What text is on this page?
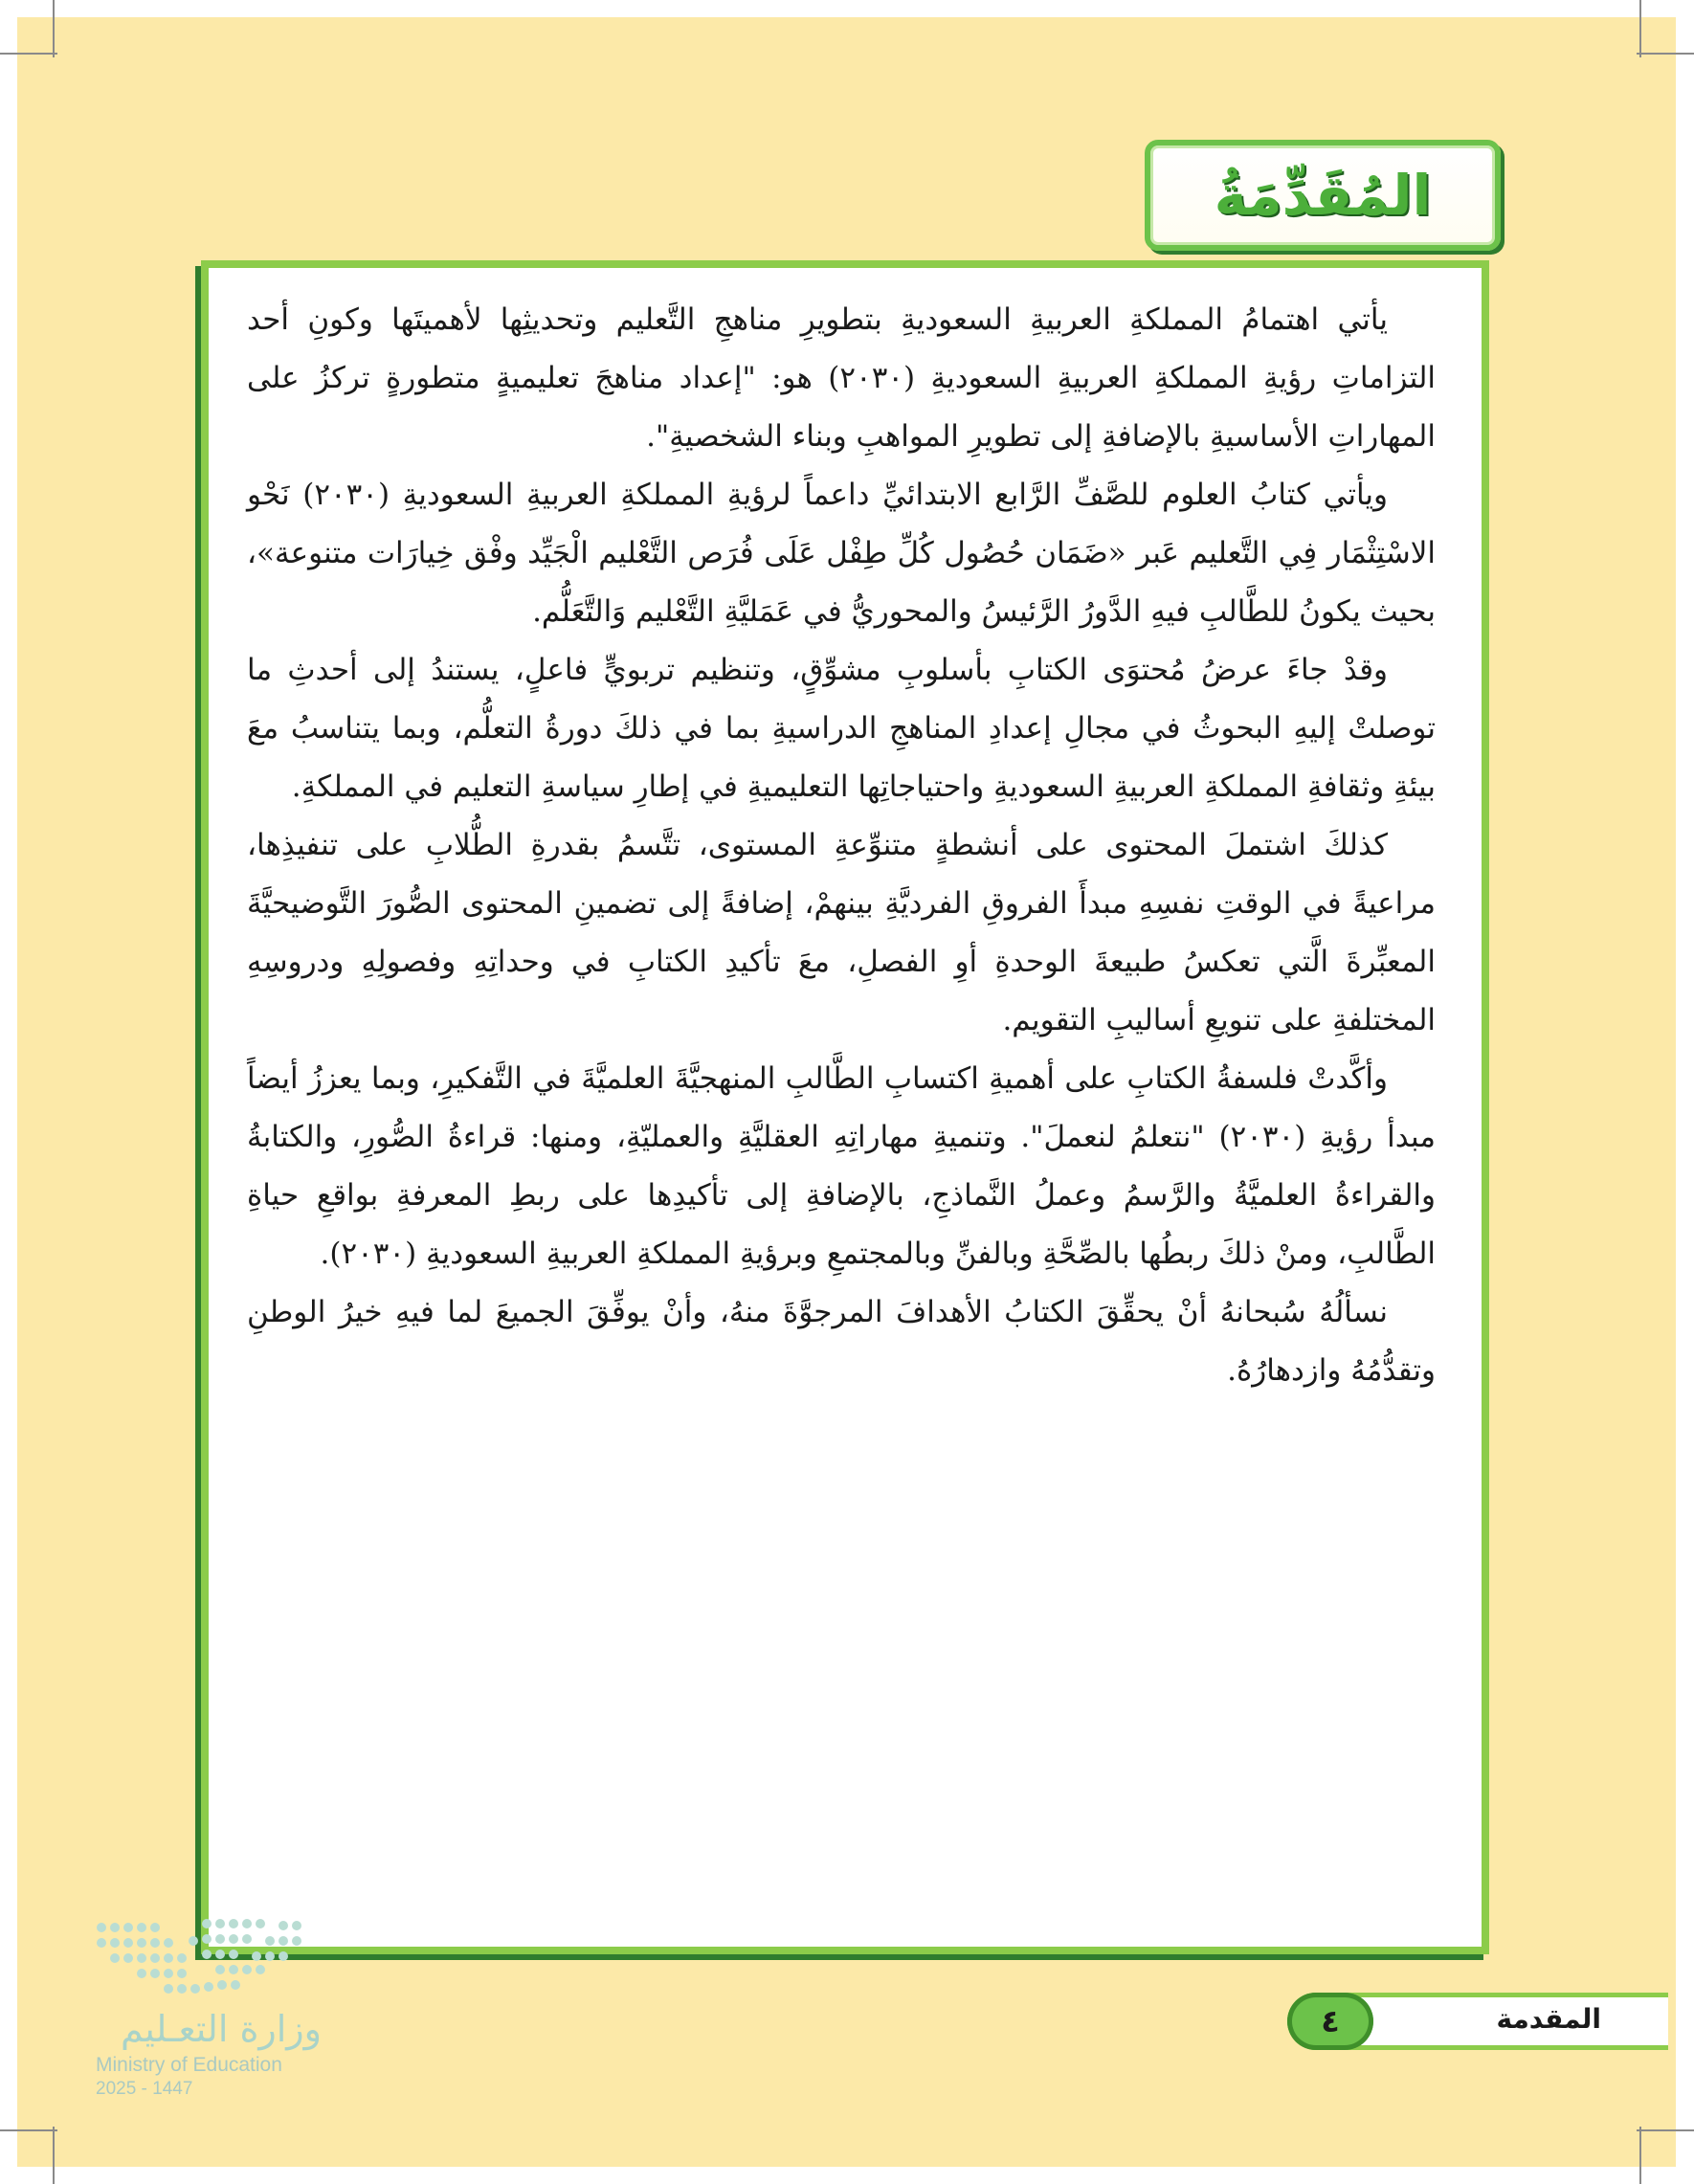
المُقَدِّمَةُ

يأتي اهتمامُ المملكةِ العربيةِ السعوديةِ بتطويرِ مناهجِ التَّعليم وتحديثِها لأهميتَها وكونِ أحد التزاماتِ رؤيةِ المملكةِ العربيةِ السعوديةِ (٢٠٣٠) هو: "إعداد مناهجَ تعليميةٍ متطورةٍ تركزُ على المهاراتِ الأساسيةِ بالإضافةِ إلى تطويرِ المواهبِ وبناء الشخصيةِ".

ويأتي كتابُ العلوم للصَّفِّ الرَّابع الابتدائيِّ داعماً لرؤيةِ المملكةِ العربيةِ السعوديةِ (٢٠٣٠) نَحْو الاسْتِثْمَار فِي التَّعليم عَبر «ضَمَان حُصُول كُلِّ طِفْل عَلَى فُرَص التَّعْليم الْجَيِّد وفْق خِيارَات متنوعة»، بحيث يكونُ للطَّالبِ فيهِ الدَّورُ الرَّئيسُ والمحوريُّ في عَمَليَّةِ التَّعْليم وَالتَّعَلُّم.

وقدْ جاءَ عرضُ مُحتوَى الكتابِ بأسلوبِ مشوِّقٍ، وتنظيم تربويٍّ فاعلٍ، يستندُ إلى أحدثِ ما توصلتْ إليهِ البحوثُ في مجالِ إعدادِ المناهجِ الدراسيةِ بما في ذلكَ دورةُ التعلُّم، وبما يتناسبُ معَ بيئةِ وثقافةِ المملكةِ العربيةِ السعوديةِ واحتياجاتِها التعليميةِ في إطارِ سياسةِ التعليم في المملكةِ.

كذلكَ اشتملَ المحتوى على أنشطةٍ متنوِّعةِ المستوى، تتَّسمُ بقدرةِ الطُّلابِ على تنفيذِها، مراعيةً في الوقتِ نفسِهِ مبدأَ الفروقِ الفرديَّةِ بينهمْ، إضافةً إلى تضمينِ المحتوى الصُّورَ التَّوضيحيَّةَ المعبِّرةَ الَّتي تعكسُ طبيعةَ الوحدةِ أوِ الفصلِ، معَ تأكيدِ الكتابِ في وحداتِهِ وفصولِهِ ودروسِهِ المختلفةِ على تنويعِ أساليبِ التقويم.

وأكَّدتْ فلسفةُ الكتابِ على أهميةِ اكتسابِ الطَّالبِ المنهجيَّةَ العلميَّةَ في التَّفكيرِ، وبما يعززُ أيضاً مبدأ رؤيةِ (٢٠٣٠) "نتعلمُ لنعملَ". وتنميةِ مهاراتِهِ العقليَّةِ والعمليّةِ، ومنها: قراءةُ الصُّورِ، والكتابةُ والقراءةُ العلميَّةُ والرَّسمُ وعملُ النَّماذجِ، بالإضافةِ إلى تأكيدِها على ربطِ المعرفةِ بواقعِ حياةِ الطَّالبِ، ومنْ ذلكَ ربطُها بالصِّحَّةِ وبالفنِّ وبالمجتمعِ وبرؤيةِ المملكةِ العربيةِ السعوديةِ (٢٠٣٠).

نسألُهُ سُبحانهُ أنْ يحقِّقَ الكتابُ الأهدافَ المرجوَّةَ منهُ، وأنْ يوفِّقَ الجميعَ لما فيهِ خيرُ الوطنِ وتقدُّمُهُ وازدهارُهُ.

وزارة التعـليم
Ministry of Education
2025 - 1447
المقدمة
٤
